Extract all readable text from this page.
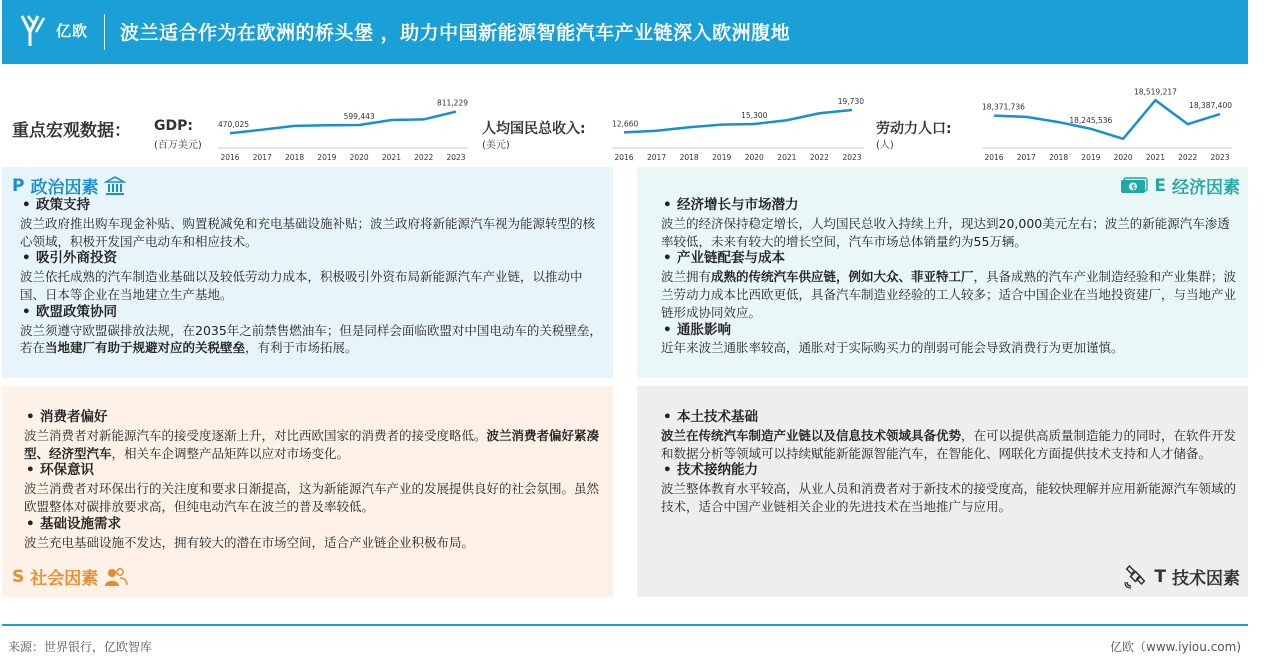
亿欧 波兰适合作为在欧洲的桥头堡 ，助力中国新能源智能汽车产业链深入欧洲腹地
重点宏观数据： GDP:
(百万美元)
2016 2017 2018 2019 2020 2021 2022 2023
470,025
599,443
811,229
人均国民总收入:
(美元)
2016 2017 2018 2019 2020 2021 2022 2023
12,660
15,300
19,730
劳动力人口:
(人)
2016 2017 2018 2019 2020 2021 2022 2023
18,371,736
18,245,536
18,519,217
18,387,400
P 政治因素
• 政策支持
波兰政府推出购车现金补贴、购置税减免和充电基础设施补贴；波兰政府将新能源汽车视为能源转型的核心领域，积极开发国产电动车和相应技术。
• 吸引外商投资
波兰依托成熟的汽车制造业基础以及较低劳动力成本，积极吸引外资布局新能源汽车产业链，以推动中国、日本等企业在当地建立生产基地。
• 欧盟政策协同
波兰须遵守欧盟碳排放法规，在2035年之前禁售燃油车；但是同样会面临欧盟对中国电动车的关税壁垒，若在当地建厂有助于规避对应的关税壁垒，有利于市场拓展。
$ E 经济因素
• 经济增长与市场潜力
波兰的经济保持稳定增长，人均国民总收入持续上升，现达到20,000美元左右；波兰的新能源汽车渗透率较低，未来有较大的增长空间，汽车市场总体销量约为55万辆。
• 产业链配套与成本
波兰拥有成熟的传统汽车供应链，例如大众、菲亚特工厂，具备成熟的汽车产业制造经验和产业集群；波兰劳动力成本比西欧更低，具备汽车制造业经验的工人较多；适合中国企业在当地投资建厂，与当地产业链形成协同效应。
• 通胀影响
近年来波兰通胀率较高，通胀对于实际购买力的削弱可能会导致消费行为更加谨慎。
• 消费者偏好
波兰消费者对新能源汽车的接受度逐渐上升，对比西欧国家的消费者的接受度略低。波兰消费者偏好紧凑型、经济型汽车，相关车企调整产品矩阵以应对市场变化。
• 环保意识
波兰消费者对环保出行的关注度和要求日渐提高，这为新能源汽车产业的发展提供良好的社会氛围。虽然欧盟整体对碳排放要求高，但纯电动汽车在波兰的普及率较低。
• 基础设施需求
波兰充电基础设施不发达，拥有较大的潜在市场空间，适合产业链企业积极布局。
S 社会因素
• 本土技术基础
波兰在传统汽车制造产业链以及信息技术领域具备优势，在可以提供高质量制造能力的同时，在软件开发和数据分析等领域可以持续赋能新能源智能汽车，在智能化、网联化方面提供技术支持和人才储备。
• 技术接纳能力
波兰整体教育水平较高，从业人员和消费者对于新技术的接受度高，能较快理解并应用新能源汽车领域的技术，适合中国产业链相关企业的先进技术在当地推广与应用。
T 技术因素
来源：世界银行，亿欧智库	亿欧（www.iyiou.com)
